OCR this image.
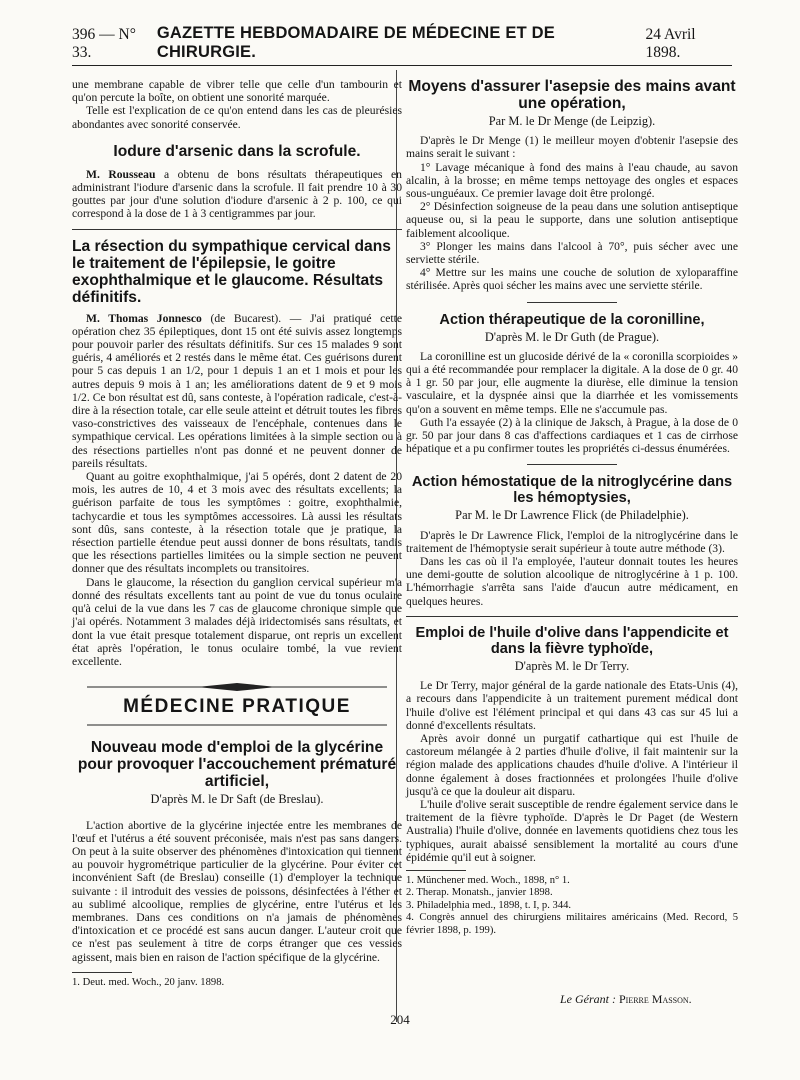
396 — N° 33.
GAZETTE HEBDOMADAIRE DE MÉDECINE ET DE CHIRURGIE.
24 Avril 1898.

une membrane capable de vibrer telle que celle d'un tambourin et qu'on percute la boîte, on obtient une sonorité marquée.

Telle est l'explication de ce qu'on entend dans les cas de pleurésies abondantes avec sonorité conservée.

Iodure d'arsenic dans la scrofule.

M. Rousseau a obtenu de bons résultats thérapeutiques en administrant l'iodure d'arsenic dans la scrofule. Il fait prendre 10 à 30 gouttes par jour d'une solution d'iodure d'arsenic à 2 p. 100, ce qui correspond à la dose de 1 à 3 centigrammes par jour.

La résection du sympathique cervical dans le traitement de l'épilepsie, le goitre exophthalmique et le glaucome. Résultats définitifs.

M. Thomas Jonnesco (de Bucarest). — J'ai pratiqué cette opération chez 35 épileptiques, dont 15 ont été suivis assez longtemps pour pouvoir parler des résultats définitifs. Sur ces 15 malades 9 sont guéris, 4 améliorés et 2 restés dans le même état. Ces guérisons durent pour 5 cas depuis 1 an 1/2, pour 1 depuis 1 an et 1 mois et pour les autres depuis 9 mois à 1 an; les améliorations datent de 9 et 9 mois 1/2. Ce bon résultat est dû, sans conteste, à l'opération radicale, c'est-à-dire à la résection totale, car elle seule atteint et détruit toutes les fibres vaso-constrictives des vaisseaux de l'encéphale, contenues dans le sympathique cervical. Les opérations limitées à la simple section ou à des résections partielles n'ont pas donné et ne peuvent donner de pareils résultats.

Quant au goitre exophthalmique, j'ai 5 opérés, dont 2 datent de 20 mois, les autres de 10, 4 et 3 mois avec des résultats excellents; la guérison parfaite de tous les symptômes : goitre, exophthalmie, tachycardie et tous les symptômes accessoires. Là aussi les résultats sont dûs, sans conteste, à la résection totale que je pratique, la résection partielle étendue peut aussi donner de bons résultats, tandis que les résections partielles limitées ou la simple section ne peuvent donner que des résultats incomplets ou transitoires.

Dans le glaucome, la résection du ganglion cervical supérieur m'a donné des résultats excellents tant au point de vue du tonus oculaire qu'à celui de la vue dans les 7 cas de glaucome chronique simple que j'ai opérés. Notamment 3 malades déjà iridectomisés sans résultats, et dont la vue était presque totalement disparue, ont repris un excellent état après l'opération, le tonus oculaire tombé, la vue revient excellente.

MÉDECINE PRATIQUE
Nouveau mode d'emploi de la glycérine pour provoquer l'accouchement prématuré artificiel,
D'après M. le Dr Saft (de Breslau).

L'action abortive de la glycérine injectée entre les membranes de l'œuf et l'utérus a été souvent préconisée, mais n'est pas sans dangers. On peut à la suite observer des phénomènes d'intoxication qui tiennent au pouvoir hygrométrique particulier de la glycérine. Pour éviter cet inconvénient Saft (de Breslau) conseille (1) d'employer la technique suivante : il introduit des vessies de poissons, désinfectées à l'éther et au sublimé alcoolique, remplies de glycérine, entre l'utérus et les membranes. Dans ces conditions on n'a jamais de phénomènes d'intoxication et ce procédé est sans aucun danger. L'auteur croit que ce n'est pas seulement à titre de corps étranger que ces vessies agissent, mais bien en raison de l'action spécifique de la glycérine.

1. Deut. med. Woch., 20 janv. 1898.

Moyens d'assurer l'asepsie des mains avant une opération,
Par M. le Dr Menge (de Leipzig).

D'après le Dr Menge (1) le meilleur moyen d'obtenir l'asepsie des mains serait le suivant :

1° Lavage mécanique à fond des mains à l'eau chaude, au savon alcalin, à la brosse; en même temps nettoyage des ongles et espaces sous-unguéaux. Ce premier lavage doit être prolongé.

2° Désinfection soigneuse de la peau dans une solution antiseptique aqueuse ou, si la peau le supporte, dans une solution antiseptique faiblement alcoolique.

3° Plonger les mains dans l'alcool à 70°, puis sécher avec une serviette stérile.

4° Mettre sur les mains une couche de solution de xyloparaffine stérilisée. Après quoi sécher les mains avec une serviette stérile.

Action thérapeutique de la coronilline,
D'après M. le Dr Guth (de Prague).

La coronilline est un glucoside dérivé de la « coronilla scorpioides » qui a été recommandée pour remplacer la digitale. A la dose de 0 gr. 40 à 1 gr. 50 par jour, elle augmente la diurèse, elle diminue la tension vasculaire, et la dyspnée ainsi que la diarrhée et les vomissements qu'on a souvent en même temps. Elle ne s'accumule pas.

Guth l'a essayée (2) à la clinique de Jaksch, à Prague, à la dose de 0 gr. 50 par jour dans 8 cas d'affections cardiaques et 1 cas de cirrhose hépatique et a pu confirmer toutes les propriétés ci-dessus énumérées.

Action hémostatique de la nitroglycérine dans les hémoptysies,
Par M. le Dr Lawrence Flick (de Philadelphie).

D'après le Dr Lawrence Flick, l'emploi de la nitroglycérine dans le traitement de l'hémoptysie serait supérieur à toute autre méthode (3).

Dans les cas où il l'a employée, l'auteur donnait toutes les heures une demi-goutte de solution alcoolique de nitroglycérine à 1 p. 100. L'hémorrhagie s'arrêta sans l'aide d'aucun autre médicament, en quelques heures.

Emploi de l'huile d'olive dans l'appendicite et dans la fièvre typhoïde,
D'après M. le Dr Terry.

Le Dr Terry, major général de la garde nationale des Etats-Unis (4), a recours dans l'appendicite à un traitement purement médical dont l'huile d'olive est l'élément principal et qui dans 43 cas sur 45 lui a donné d'excellents résultats.

Après avoir donné un purgatif cathartique qui est l'huile de castoreum mélangée à 2 parties d'huile d'olive, il fait maintenir sur la région malade des applications chaudes d'huile d'olive. A l'intérieur il donne également à doses fractionnées et prolongées l'huile d'olive jusqu'à ce que la douleur ait disparu.

L'huile d'olive serait susceptible de rendre également service dans le traitement de la fièvre typhoïde. D'après le Dr Paget (de Western Australia) l'huile d'olive, donnée en lavements quotidiens chez tous les typhiques, aurait abaissé sensiblement la mortalité au cours d'une épidémie qu'il eut à soigner.

1. Münchener med. Woch., 1898, n° 1.

2. Therap. Monatsh., janvier 1898.

3. Philadelphia med., 1898, t. I, p. 344.

4. Congrès annuel des chirurgiens militaires américains (Med. Record, 5 février 1898, p. 199).

Le Gérant : Pierre Masson.
204
